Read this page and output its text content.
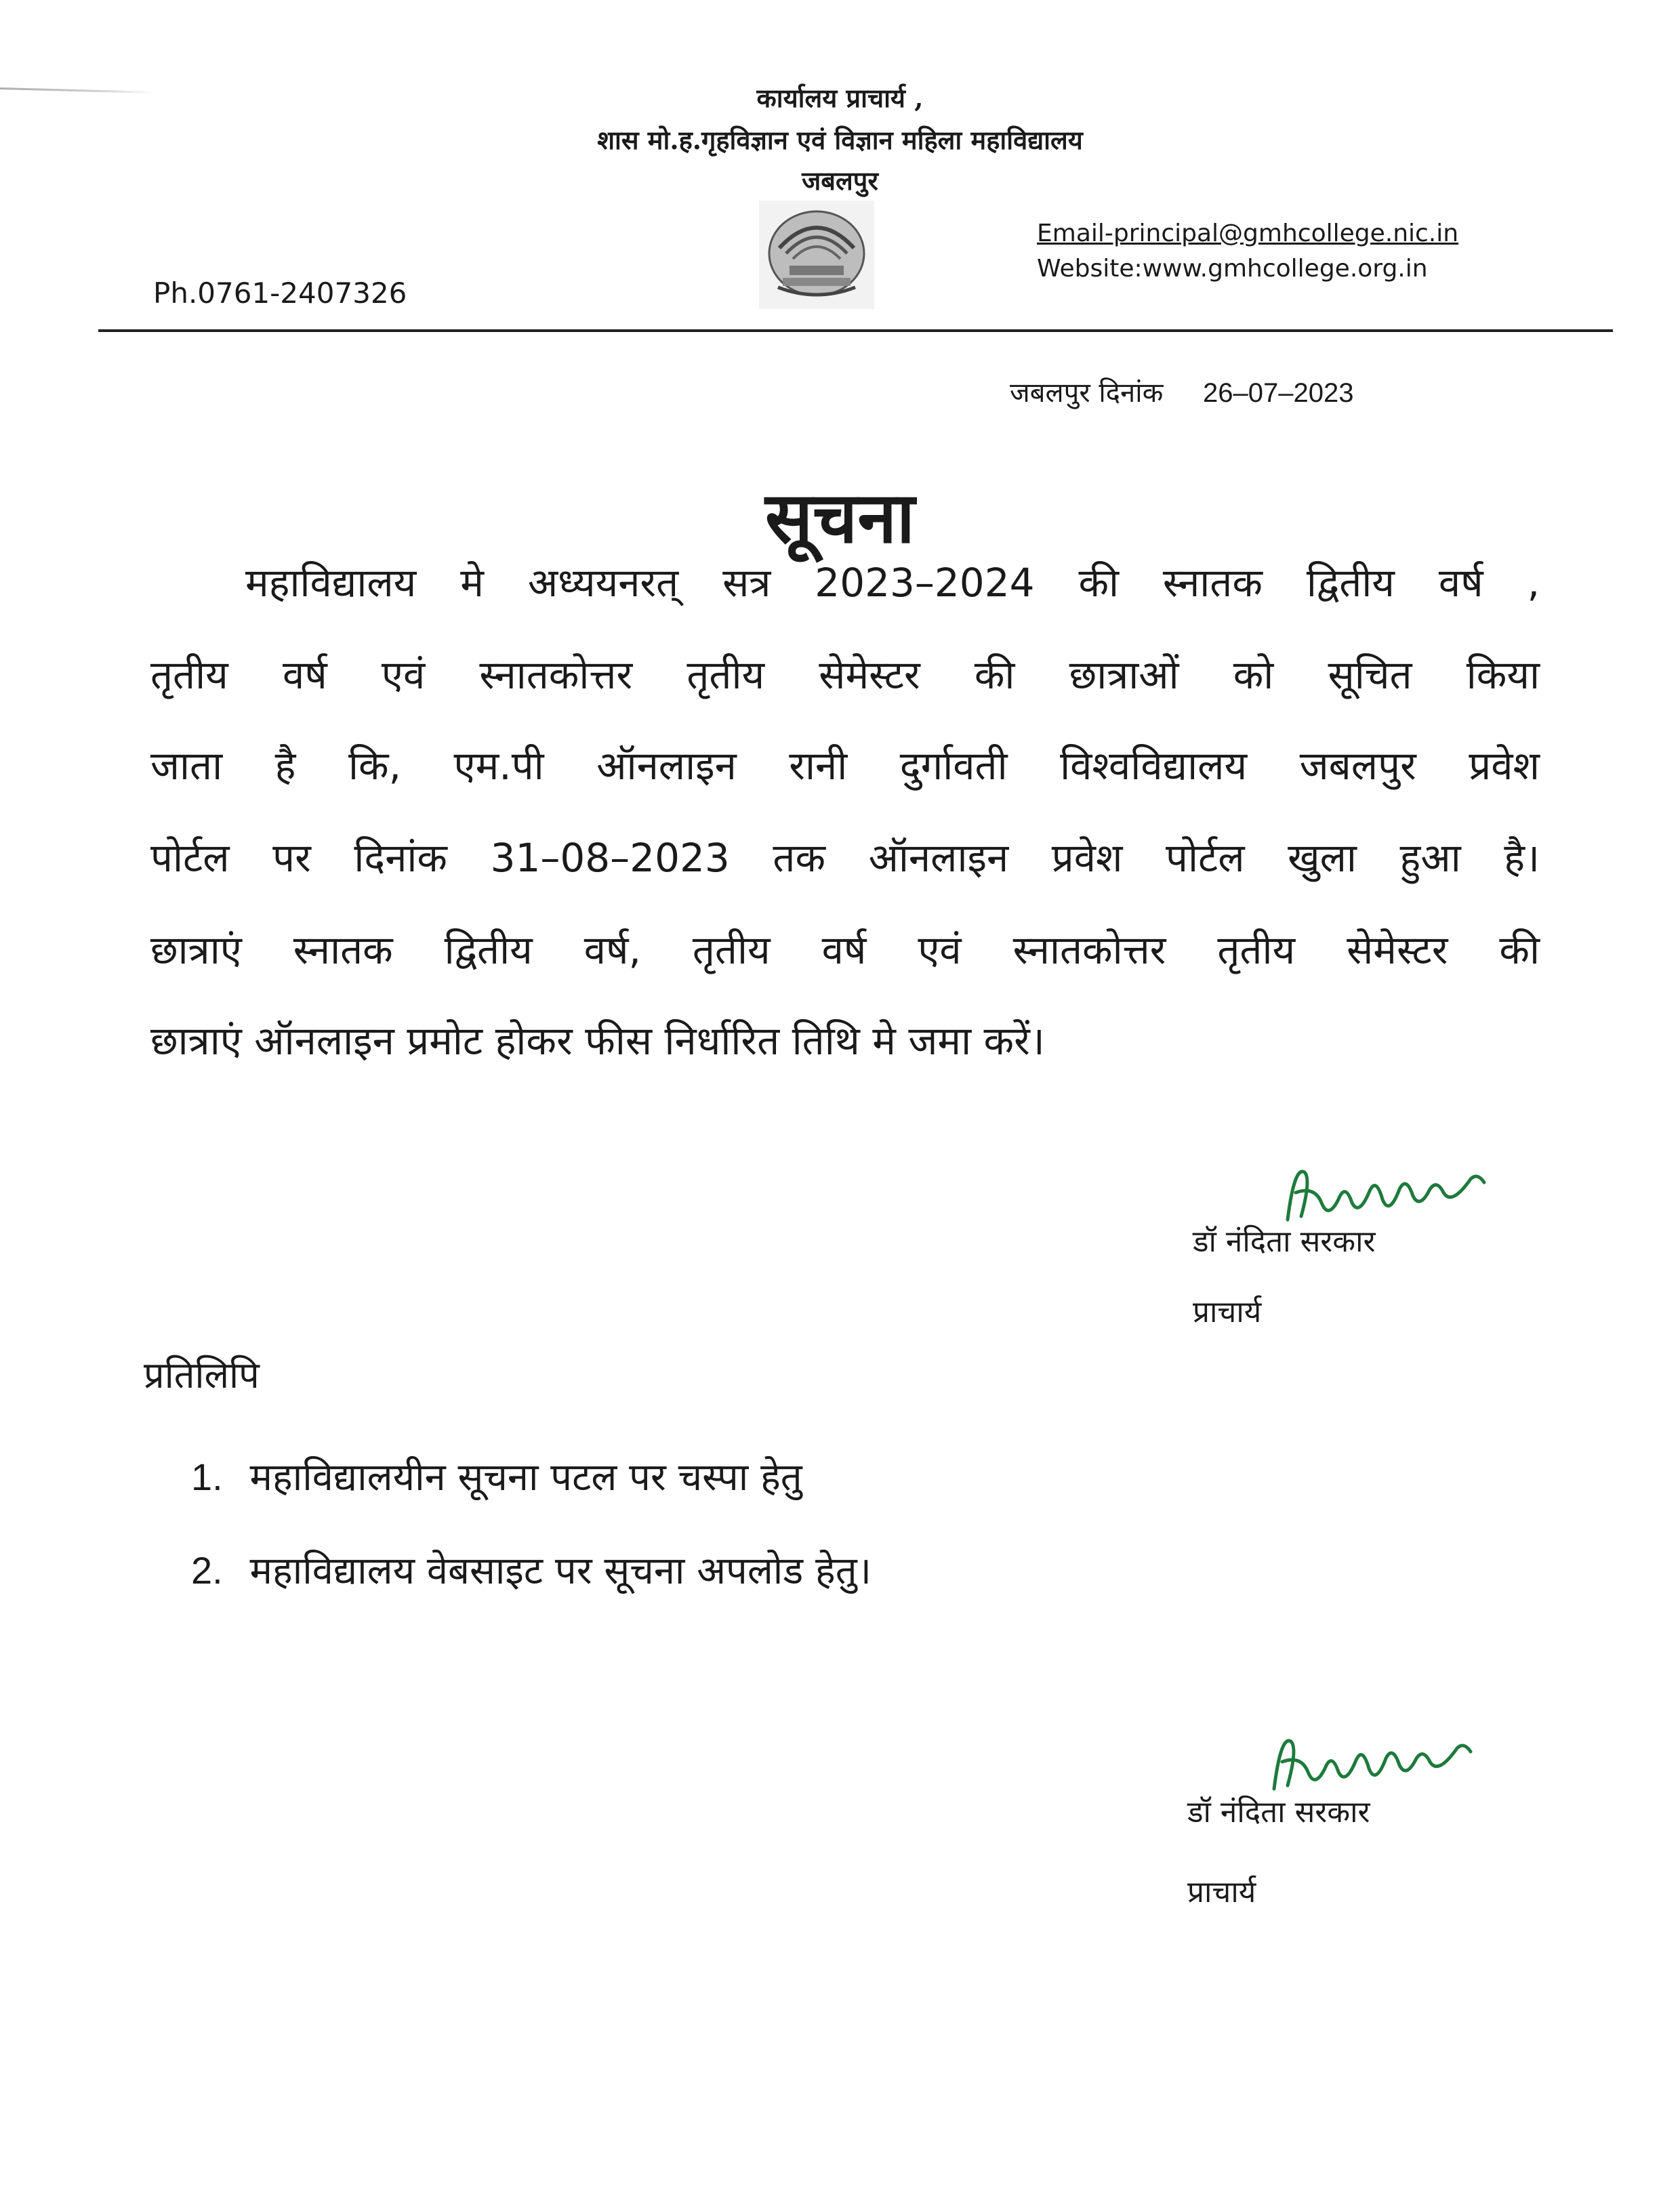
कार्यालय प्राचार्य ,
शास मो.ह.गृहविज्ञान एवं विज्ञान महिला महाविद्यालय
जबलपुर
Ph.0761-2407326
Email-principal@gmhcollege.nic.in
Website:www.gmhcollege.org.in
जबलपुर दिनांक 26–07–2023
सूचना
महाविद्यालय मे अध्ययनरत् सत्र 2023–2024 की स्नातक द्वितीय वर्ष ,
तृतीय वर्ष एवं स्नातकोत्तर तृतीय सेमेस्टर की छात्राओं को सूचित किया
जाता है कि, एम.पी ऑनलाइन रानी दुर्गावती विश्वविद्यालय जबलपुर प्रवेश
पोर्टल पर दिनांक 31–08–2023 तक ऑनलाइन प्रवेश पोर्टल खुला हुआ है।
छात्राएं स्नातक द्वितीय वर्ष, तृतीय वर्ष एवं स्नातकोत्तर तृतीय सेमेस्टर की
छात्राएं ऑनलाइन प्रमोट होकर फीस निर्धारित तिथि मे जमा करें।
डॉ नंदिता सरकार
प्राचार्य
प्रतिलिपि
1. महाविद्यालयीन सूचना पटल पर चस्पा हेतु
2. महाविद्यालय वेबसाइट पर सूचना अपलोड हेतु।
डॉ नंदिता सरकार
प्राचार्य
